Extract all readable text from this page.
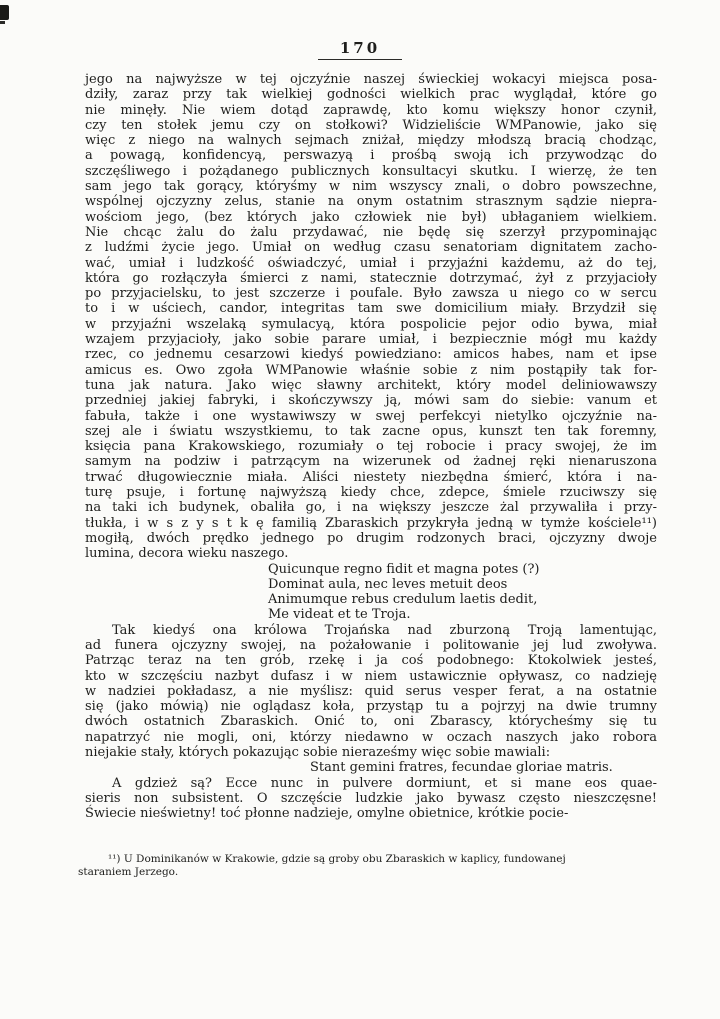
170
jego na najwyższe w tej ojczyźnie naszej świeckiej wokacyi miejsca posa-
dziły, zaraz przy tak wielkiej godności wielkich prac wyglądał, które go
nie minęły. Nie wiem dotąd zaprawdę, kto komu większy honor czynił,
czy ten stołek jemu czy on stołkowi? Widzieliście WMPanowie, jako się
więc z niego na walnych sejmach zniżał, między młodszą bracią chodząc,
a powagą, konfidencyą, perswazyą i prośbą swoją ich przywodząc do
szczęśliwego i pożądanego publicznych konsultacyi skutku. I wierzę, że ten
sam jego tak gorący, któryśmy w nim wszyscy znali, o dobro powszechne,
wspólnej ojczyzny zelus, stanie na onym ostatnim strasznym sądzie niepra-
wościom jego, (bez których jako człowiek nie był) ubłaganiem wielkiem.
Nie chcąc żalu do żalu przydawać, nie będę się szerzył przypominając
z ludźmi życie jego. Umiał on według czasu senatoriam dignitatem zacho-
wać, umiał i ludzkość oświadczyć, umiał i przyjaźni każdemu, aż do tej,
która go rozłączyła śmierci z nami, statecznie dotrzymać, żył z przyjacioły
po przyjacielsku, to jest szczerze i poufale. Było zawsza u niego co w sercu
to i w uściech, candor, integritas tam swe domicilium miały. Brzydził się
w przyjaźni wszelaką symulacyą, która pospolicie pejor odio bywa, miał
wzajem przyjacioły, jako sobie parare umiał, i bezpiecznie mógł mu każdy
rzec, co jednemu cesarzowi kiedyś powiedziano: amicos habes, nam et ipse
amicus es. Owo zgoła WMPanowie właśnie sobie z nim postąpiły tak for-
tuna jak natura. Jako więc sławny architekt, który model deliniowawszy
przedniej jakiej fabryki, i skończywszy ją, mówi sam do siebie: vanum et
fabuła, także i one wystawiwszy w swej perfekcyi nietylko ojczyźnie na-
szej ale i światu wszystkiemu, to tak zacne opus, kunszt ten tak foremny,
księcia pana Krakowskiego, rozumiały o tej robocie i pracy swojej, że im
samym na podziw i patrzącym na wizerunek od żadnej ręki nienaruszona
trwać długowiecznie miała. Aliści niestety niezbędna śmierć, która i na-
turę psuje, i fortunę najwyższą kiedy chce, zdepce, śmiele rzuciwszy się
na taki ich budynek, obaliła go, i na większy jeszcze żal przywaliła i przy-
tłukła, i w s z y s t k ę familią Zbaraskich przykryła jedną w tymże kościele¹¹)
mogiłą, dwóch prędko jednego po drugim rodzonych braci, ojczyzny dwoje
lumina, decora wieku naszego.
Quicunque regno fidit et magna potes (?)
Dominat aula, nec leves metuit deos
Animumque rebus credulum laetis dedit,
Me videat et te Troja.
Tak kiedyś ona królowa Trojańska nad zburzoną Troją lamentując,
ad funera ojczyzny swojej, na pożałowanie i politowanie jej lud zwoływa.
Patrząc teraz na ten grób, rzekę i ja coś podobnego: Ktokolwiek jesteś,
kto w szczęściu nazbyt dufasz i w niem ustawicznie opływasz, co nadzieję
w nadziei pokładasz, a nie myślisz: quid serus vesper ferat, a na ostatnie
się (jako mówią) nie oglądasz koła, przystąp tu a pojrzyj na dwie trumny
dwóch ostatnich Zbaraskich. Onić to, oni Zbarascy, którycheśmy się tu
napatrzyć nie mogli, oni, którzy niedawno w oczach naszych jako robora
niejakie stały, których pokazując sobie nieraześmy więc sobie mawiali:
Stant gemini fratres, fecundae gloriae matris.
A gdzież są? Ecce nunc in pulvere dormiunt, et si mane eos quae-
sieris non subsistent. O szczęście ludzkie jako bywasz często nieszczęsne!
Świecie nieświetny! toć płonne nadzieje, omylne obietnice, krótkie pocie-
¹¹) U Dominikanów w Krakowie, gdzie są groby obu Zbaraskich w kaplicy, fundowanej
staraniem Jerzego.
